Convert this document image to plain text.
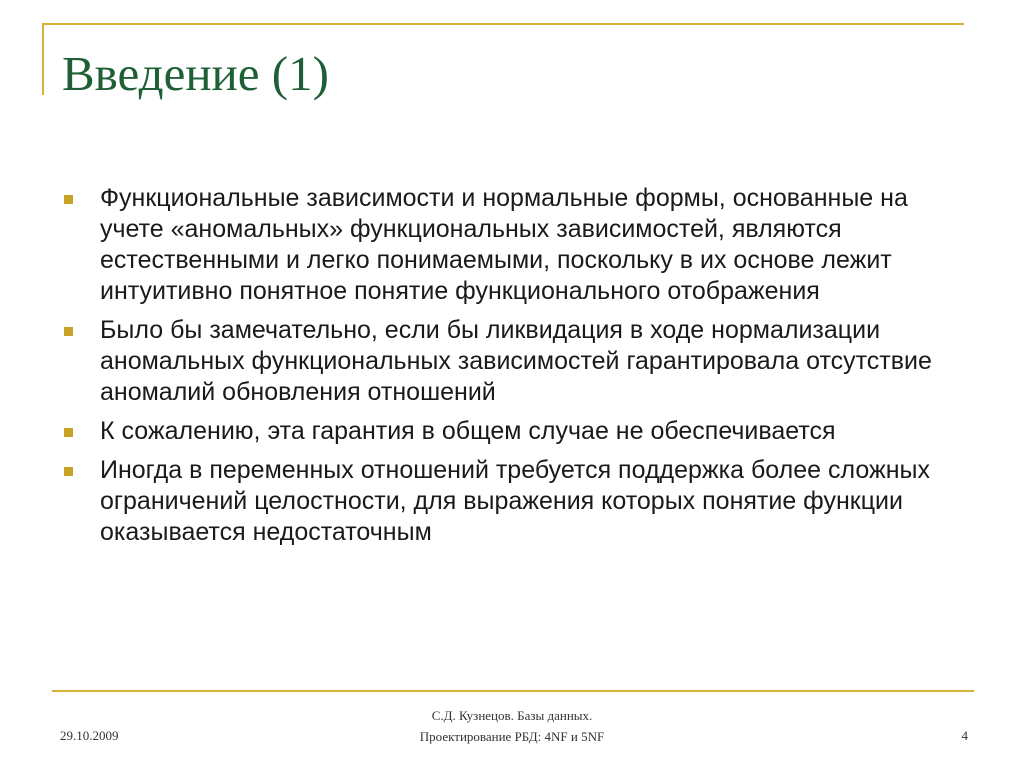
Введение (1)
Функциональные зависимости и нормальные формы, основанные на учете «аномальных» функциональных зависимостей, являются естественными и легко понимаемыми, поскольку в их основе лежит интуитивно понятное понятие функционального отображения
Было бы замечательно, если бы ликвидация в ходе нормализации аномальных функциональных зависимостей гарантировала отсутствие аномалий обновления отношений
К сожалению, эта гарантия в общем случае не обеспечивается
Иногда в переменных отношений требуется поддержка более сложных ограничений целостности, для выражения которых понятие функции оказывается недостаточным
29.10.2009
С.Д. Кузнецов. Базы данных.
Проектирование РБД: 4NF и 5NF	4
